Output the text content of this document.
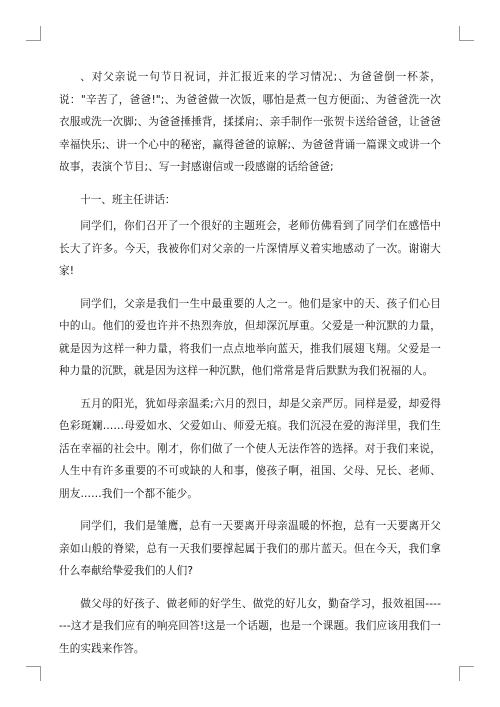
、对父亲说一句节日祝词，并汇报近来的学习情况;、为爸爸倒一杯茶，说："辛苦了，爸爸!";、为爸爸做一次饭，哪怕是煮一包方便面;、为爸爸洗一次衣服或洗一次脚;、为爸爸捶捶背，揉揉肩;、亲手制作一张贺卡送给爸爸，让爸爸幸福快乐;、讲一个心中的秘密，赢得爸爸的谅解;、为爸爸背诵一篇课文或讲一个故事，表演个节目;、写一封感谢信或一段感谢的话给爸爸;

十一、班主任讲话：

同学们，你们召开了一个很好的主题班会，老师仿佛看到了同学们在感悟中长大了许多。今天，我被你们对父亲的一片深情厚义着实地感动了一次。谢谢大家!

同学们，父亲是我们一生中最重要的人之一。他们是家中的天、孩子们心目中的山。他们的爱也许并不热烈奔放，但却深沉厚重。父爱是一种沉默的力量，就是因为这样一种力量，将我们一点点地举向蓝天，推我们展翅飞翔。父爱是一种力量的沉默，就是因为这样一种沉默，他们常常是背后默默为我们祝福的人。

五月的阳光，犹如母亲温柔;六月的烈日，却是父亲严厉。同样是爱，却爱得色彩斑斓……母爱如水、父爱如山、师爱无痕。我们沉浸在爱的海洋里，我们生活在幸福的社会中。刚才，你们做了一个使人无法作答的选择。对于我们来说，人生中有许多重要的不可或缺的人和事，傻孩子啊，祖国、父母、兄长、老师、朋友……我们一个都不能少。

同学们，我们是雏鹰，总有一天要离开母亲温暖的怀抱，总有一天要离开父亲如山般的脊梁，总有一天我们要撑起属于我们的那片蓝天。但在今天，我们拿什么奉献给挚爱我们的人们?

做父母的好孩子、做老师的好学生、做党的好儿女，勤奋学习，报效祖国-------这才是我们应有的响亮回答!这是一个话题，也是一个课题。我们应该用我们一生的实践来作答。
